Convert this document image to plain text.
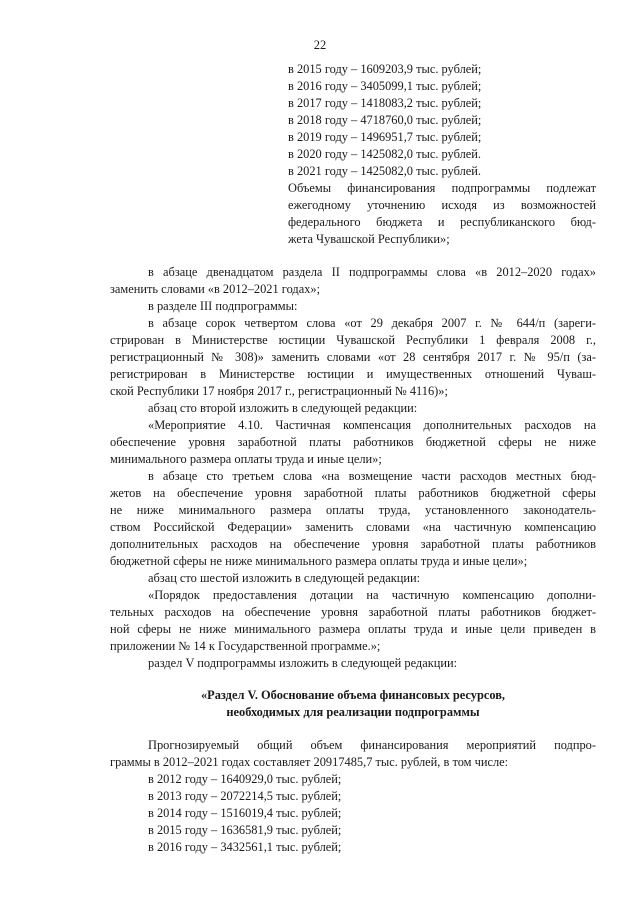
22
в 2015 году – 1609203,9 тыс. рублей;
в 2016 году – 3405099,1 тыс. рублей;
в 2017 году – 1418083,2 тыс. рублей;
в 2018 году – 4718760,0 тыс. рублей;
в 2019 году – 1496951,7 тыс. рублей;
в 2020 году – 1425082,0 тыс. рублей.
в 2021 году – 1425082,0 тыс. рублей.
Объемы финансирования подпрограммы подлежат
ежегодному уточнению исходя из возможностей
федерального бюджета и республиканского бюд-
жета Чувашской Республики»;
в абзаце двенадцатом раздела II подпрограммы слова «в 2012–2020 годах»
заменить словами «в 2012–2021 годах»;
в разделе III подпрограммы:
в абзаце сорок четвертом слова «от 29 декабря 2007 г. № 644/п (зареги-
стрирован в Министерстве юстиции Чувашской Республики 1 февраля 2008 г.,
регистрационный № 308)» заменить словами «от 28 сентября 2017 г. № 95/п (за-
регистрирован в Министерстве юстиции и имущественных отношений Чуваш-
ской Республики 17 ноября 2017 г., регистрационный № 4116)»;
абзац сто второй изложить в следующей редакции:
«Мероприятие 4.10. Частичная компенсация дополнительных расходов на
обеспечение уровня заработной платы работников бюджетной сферы не ниже
минимального размера оплаты труда и иные цели»;
в абзаце сто третьем слова «на возмещение части расходов местных бюд-
жетов на обеспечение уровня заработной платы работников бюджетной сферы
не ниже минимального размера оплаты труда, установленного законодатель-
ством Российской Федерации» заменить словами «на частичную компенсацию
дополнительных расходов на обеспечение уровня заработной платы работников
бюджетной сферы не ниже минимального размера оплаты труда и иные цели»;
абзац сто шестой изложить в следующей редакции:
«Порядок предоставления дотации на частичную компенсацию дополни-
тельных расходов на обеспечение уровня заработной платы работников бюджет-
ной сферы не ниже минимального размера оплаты труда и иные цели приведен в
приложении № 14 к Государственной программе.»;
раздел V подпрограммы изложить в следующей редакции:
«Раздел V. Обоснование объема финансовых ресурсов,
необходимых для реализации подпрограммы
Прогнозируемый общий объем финансирования мероприятий подпро-
граммы в 2012–2021 годах составляет 20917485,7 тыс. рублей, в том числе:
в 2012 году – 1640929,0 тыс. рублей;
в 2013 году – 2072214,5 тыс. рублей;
в 2014 году – 1516019,4 тыс. рублей;
в 2015 году – 1636581,9 тыс. рублей;
в 2016 году – 3432561,1 тыс. рублей;
